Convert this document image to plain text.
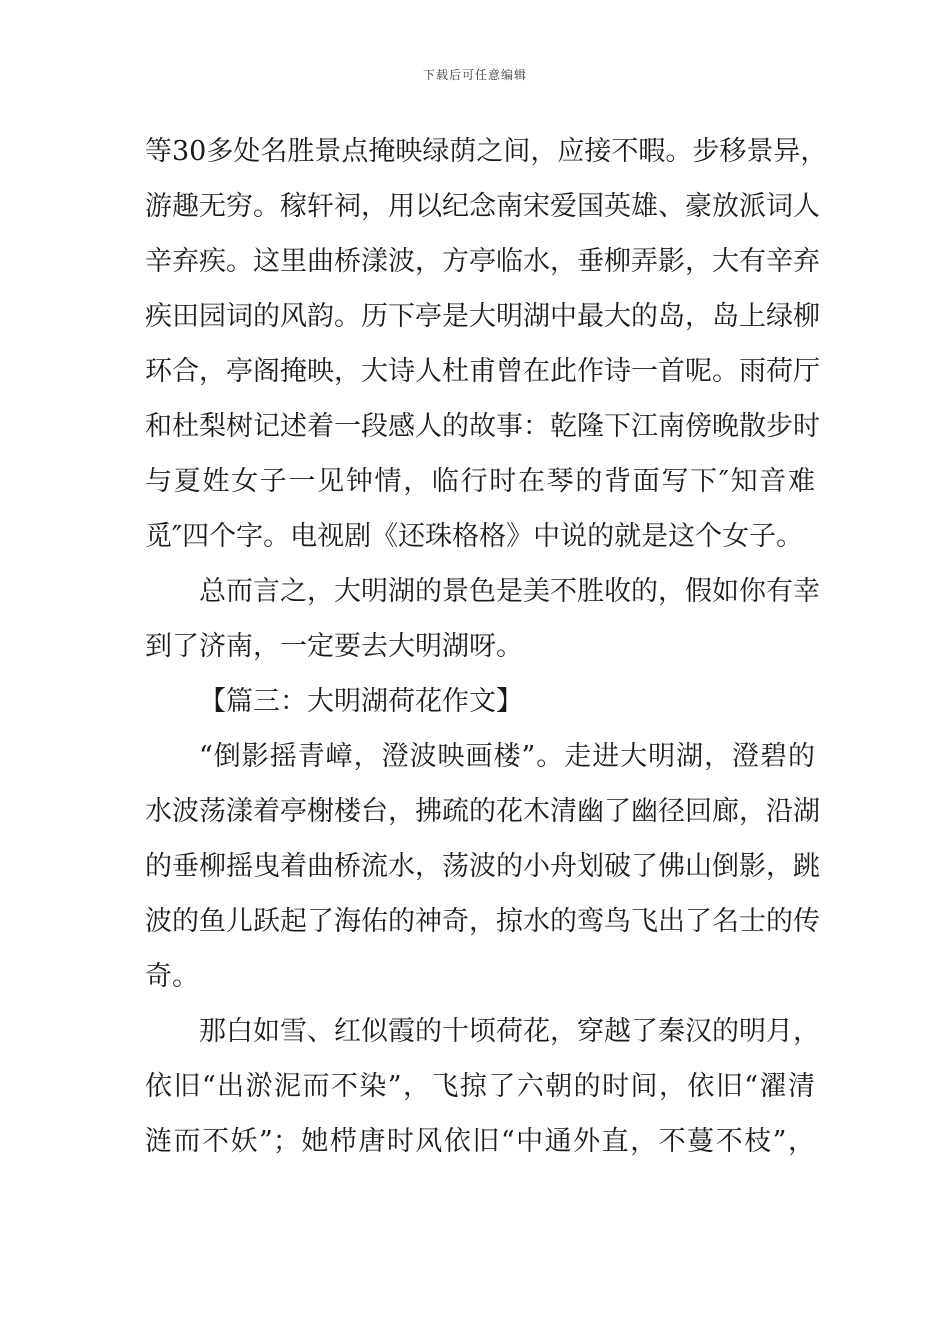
下载后可任意编辑
等30多处名胜景点掩映绿荫之间，应接不暇。步移景异，
游趣无穷。稼轩祠，用以纪念南宋爱国英雄、豪放派词人
辛弃疾。这里曲桥漾波，方亭临水，垂柳弄影，大有辛弃
疾田园词的风韵。历下亭是大明湖中最大的岛，岛上绿柳
环合，亭阁掩映，大诗人杜甫曾在此作诗一首呢。雨荷厅
和杜梨树记述着一段感人的故事：乾隆下江南傍晚散步时
与夏姓女子一见钟情，临行时在琴的背面写下″知音难
觅″四个字。电视剧《还珠格格》中说的就是这个女子。
总而言之，大明湖的景色是美不胜收的，假如你有幸
到了济南，一定要去大明湖呀。
【篇三：大明湖荷花作文】
“倒影摇青嶂，澄波映画楼”。走进大明湖，澄碧的
水波荡漾着亭榭楼台，拂疏的花木清幽了幽径回廊，沿湖
的垂柳摇曳着曲桥流水，荡波的小舟划破了佛山倒影，跳
波的鱼儿跃起了海佑的神奇，掠水的鸾鸟飞出了名士的传
奇。
那白如雪、红似霞的十顷荷花，穿越了秦汉的明月，
依旧“出淤泥而不染”，飞掠了六朝的时间，依旧“濯清
涟而不妖”；她栉唐时风依旧“中通外直，不蔓不枝”，
